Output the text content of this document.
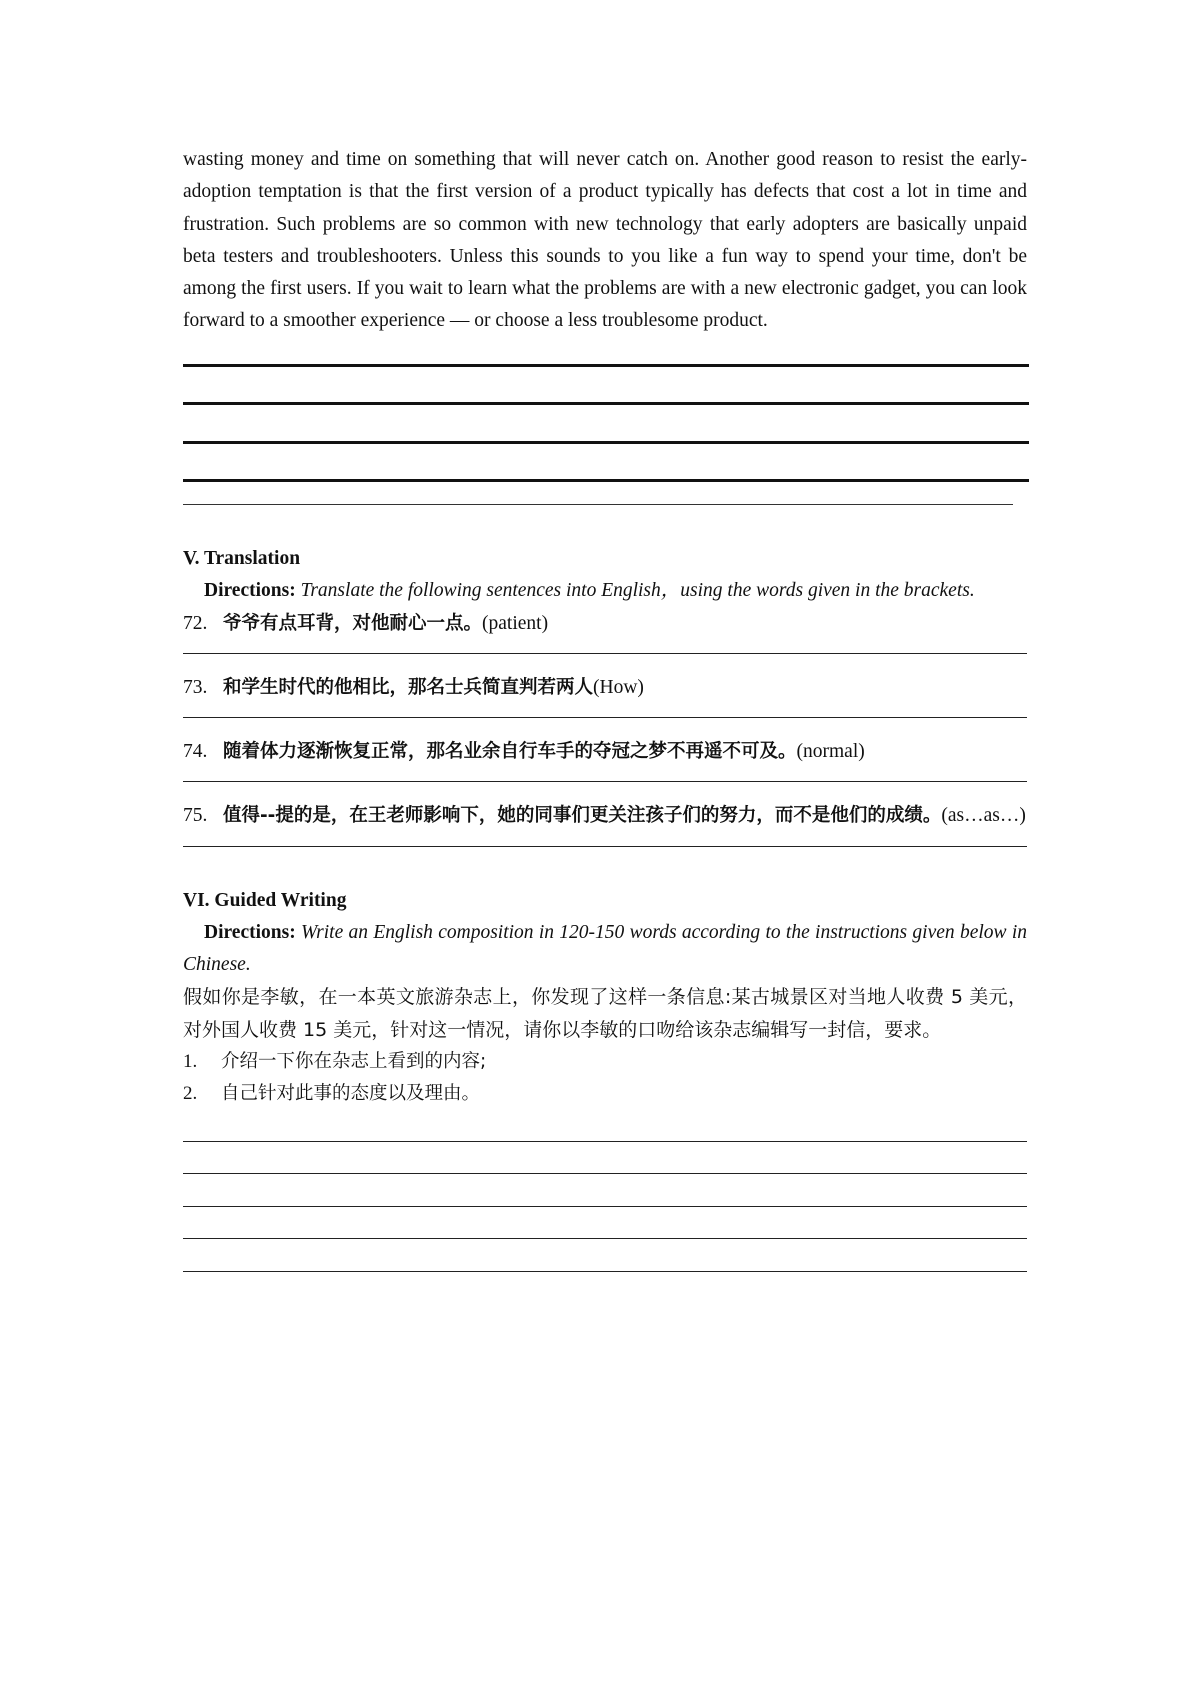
wasting money and time on something that will never catch on. Another good reason to resist the early-adoption temptation is that the first version of a product typically has defects that cost a lot in time and frustration. Such problems are so common with new technology that early adopters are basically unpaid beta testers and troubleshooters. Unless this sounds to you like a fun way to spend your time, don't be among the first users. If you wait to learn what the problems are with a new electronic gadget, you can look forward to a smoother experience — or choose a less troublesome product.

V. Translation

Directions: Translate the following sentences into English，using the words given in the brackets.

72. 爷爷有点耳背，对他耐心一点。(patient)

73. 和学生时代的他相比，那名士兵简直判若两人(How)

74. 随着体力逐渐恢复正常，那名业余自行车手的夺冠之梦不再遥不可及。(normal)

75. 值得--提的是，在王老师影响下，她的同事们更关注孩子们的努力，而不是他们的成绩。(as…as…)

VI. Guided Writing

Directions: Write an English composition in 120-150 words according to the instructions given below in Chinese.

假如你是李敏，在一本英文旅游杂志上，你发现了这样一条信息:某古城景区对当地人收费 5 美元，对外国人收费 15 美元，针对这一情况，请你以李敏的口吻给该杂志编辑写一封信，要求。

1. 介绍一下你在杂志上看到的内容;

2. 自己针对此事的态度以及理由。
